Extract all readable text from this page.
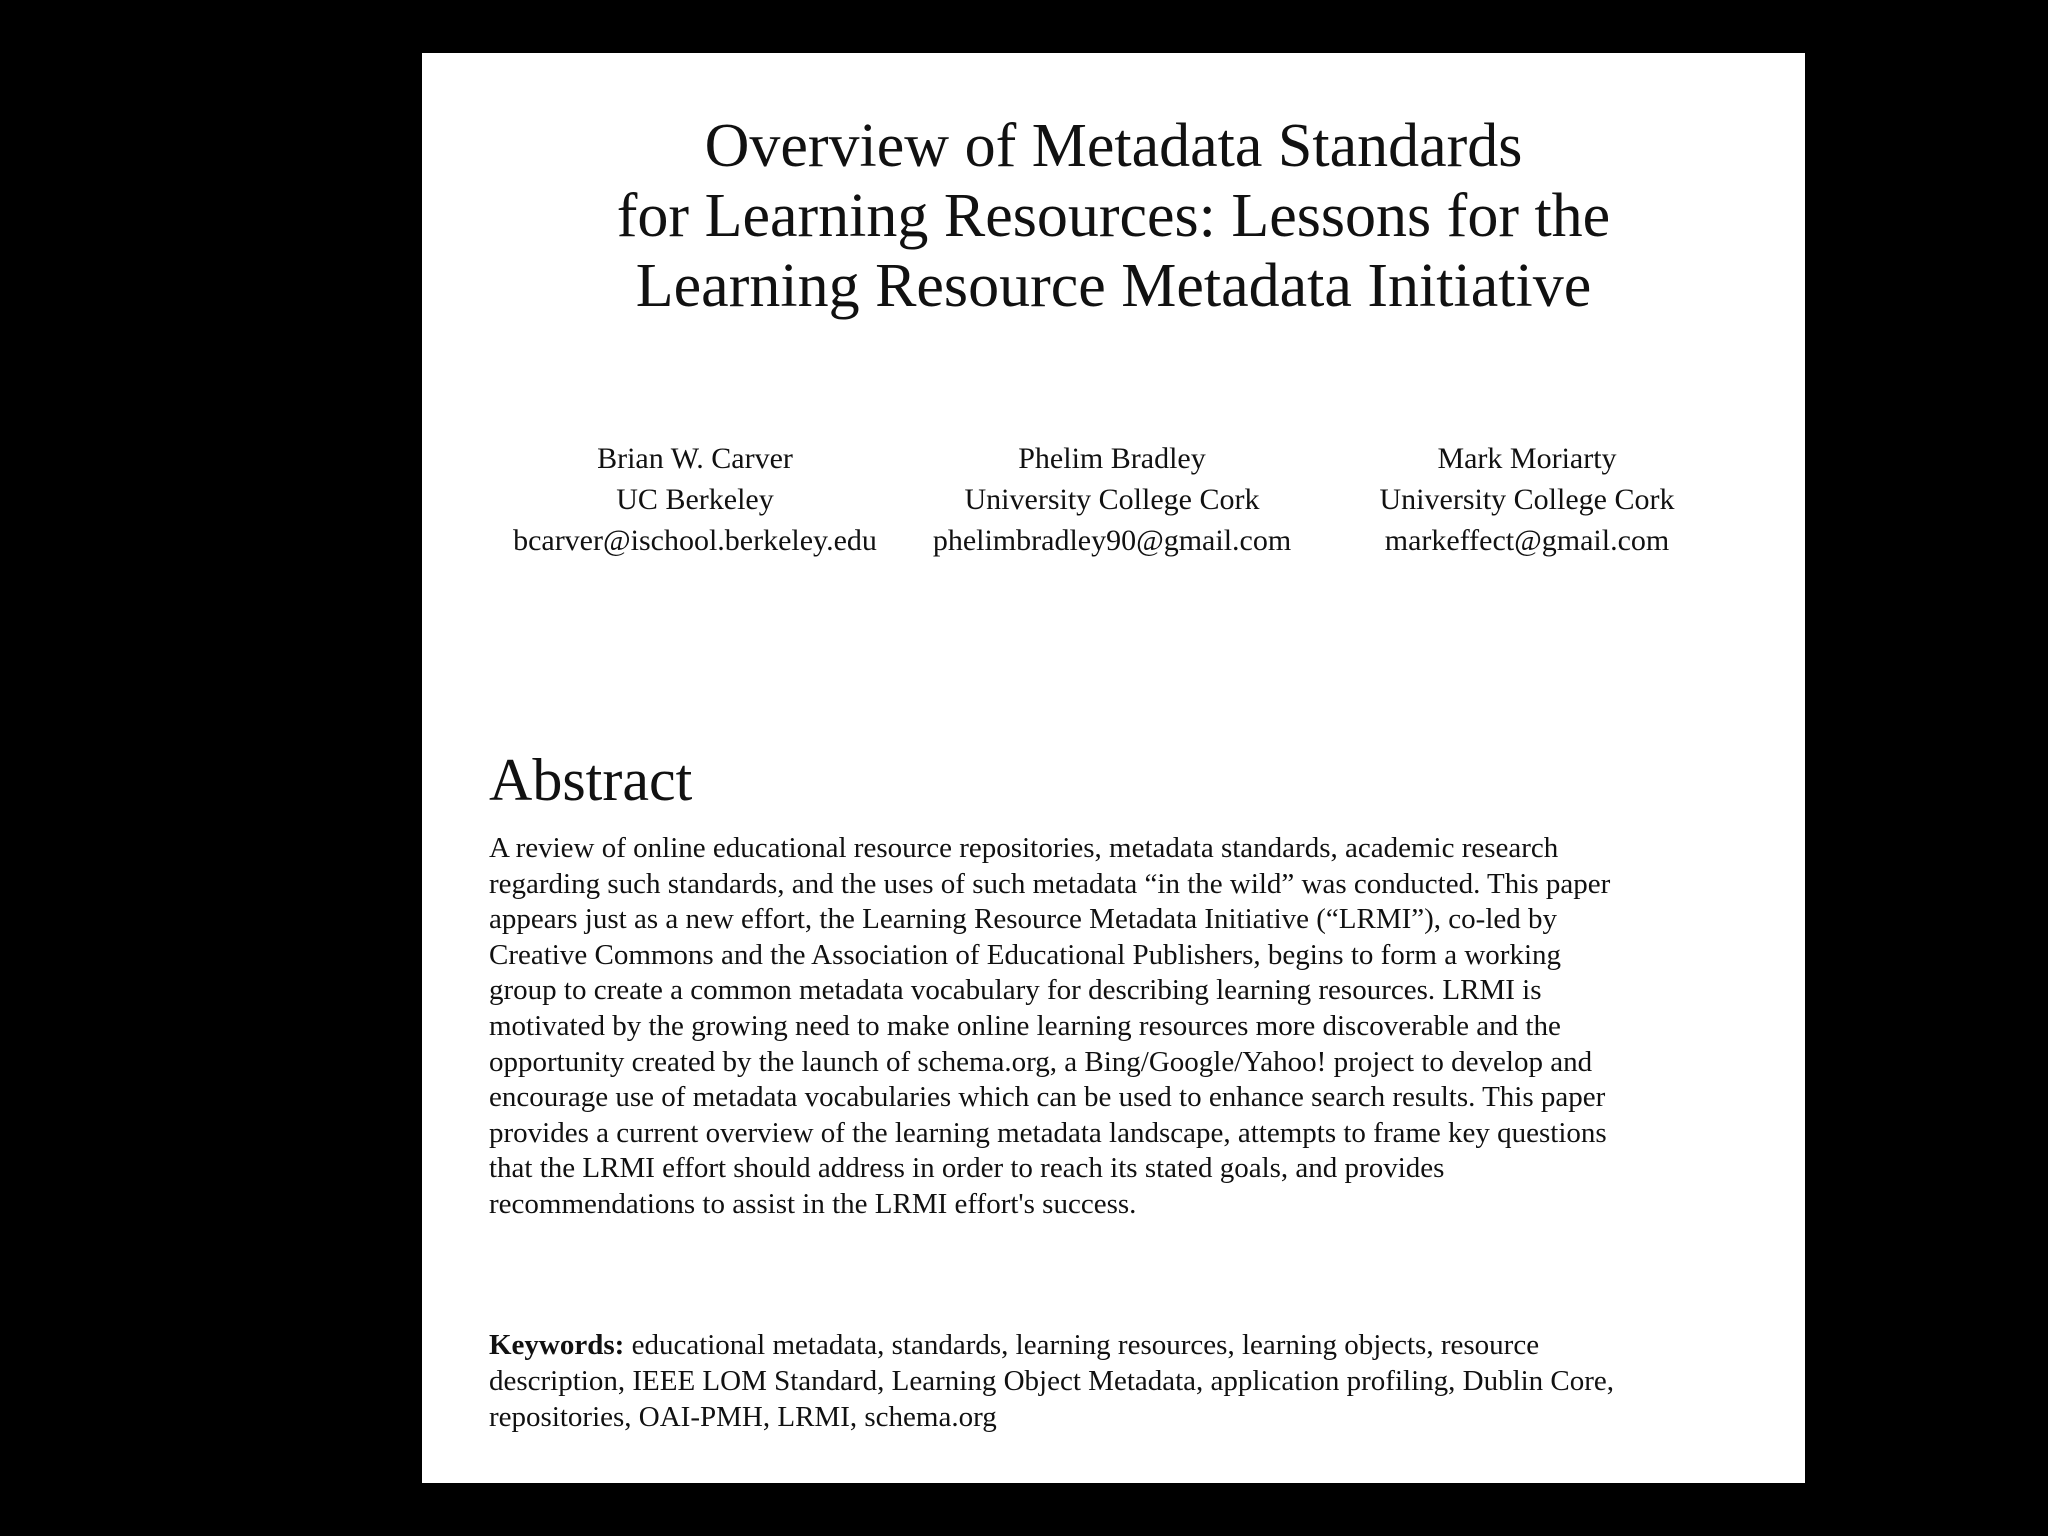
Overview of Metadata Standards
for Learning Resources: Lessons for the
Learning Resource Metadata Initiative
Brian W. Carver
UC Berkeley
bcarver@ischool.berkeley.edu
Phelim Bradley
University College Cork
phelimbradley90@gmail.com
Mark Moriarty
University College Cork
markeffect@gmail.com
Abstract
A review of online educational resource repositories, metadata standards, academic research
regarding such standards, and the uses of such metadata “in the wild” was conducted. This paper
appears just as a new effort, the Learning Resource Metadata Initiative (“LRMI”), co-led by
Creative Commons and the Association of Educational Publishers, begins to form a working
group to create a common metadata vocabulary for describing learning resources. LRMI is
motivated by the growing need to make online learning resources more discoverable and the
opportunity created by the launch of schema.org, a Bing/Google/Yahoo! project to develop and
encourage use of metadata vocabularies which can be used to enhance search results. This paper
provides a current overview of the learning metadata landscape, attempts to frame key questions
that the LRMI effort should address in order to reach its stated goals, and provides
recommendations to assist in the LRMI effort's success.
Keywords: educational metadata, standards, learning resources, learning objects, resource
description, IEEE LOM Standard, Learning Object Metadata, application profiling, Dublin Core,
repositories, OAI-PMH, LRMI, schema.org
